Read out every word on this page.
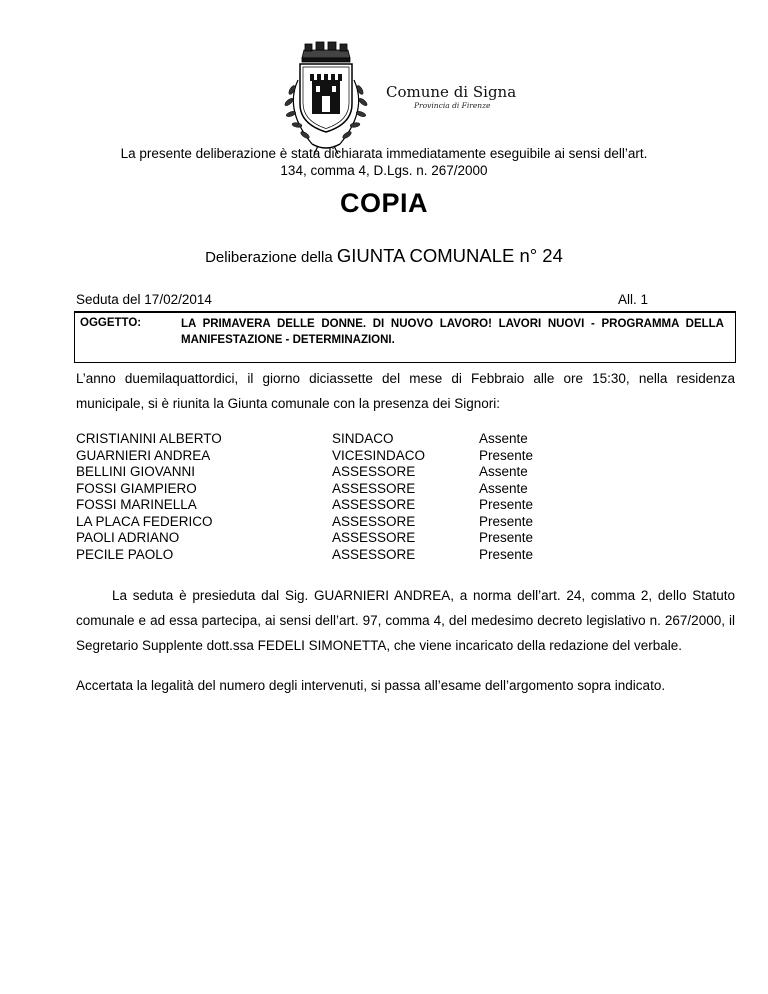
Comune di Signa
Provincia di Firenze
La presente deliberazione è stata dichiarata immediatamente eseguibile ai sensi dell’art.
134, comma 4, D.Lgs. n. 267/2000
COPIA
Deliberazione della GIUNTA COMUNALE n° 24
Seduta del 17/02/2014	All. 1
OGGETTO:	LA PRIMAVERA DELLE DONNE. DI NUOVO LAVORO! LAVORI NUOVI - PROGRAMMA DELLA MANIFESTAZIONE - DETERMINAZIONI.
L’anno duemilaquattordici, il giorno diciassette del mese di Febbraio alle ore 15:30, nella residenza municipale, si è riunita la Giunta comunale con la presenza dei Signori:
CRISTIANINI ALBERTO	SINDACO	Assente
GUARNIERI ANDREA	VICESINDACO	Presente
BELLINI GIOVANNI	ASSESSORE	Assente
FOSSI GIAMPIERO	ASSESSORE	Assente
FOSSI MARINELLA	ASSESSORE	Presente
LA PLACA FEDERICO	ASSESSORE	Presente
PAOLI ADRIANO	ASSESSORE	Presente
PECILE PAOLO	ASSESSORE	Presente
La seduta è presieduta dal Sig. GUARNIERI ANDREA, a norma dell’art. 24, comma 2, dello Statuto comunale e ad essa partecipa, ai sensi dell’art. 97, comma 4, del medesimo decreto legislativo n. 267/2000, il Segretario Supplente dott.ssa FEDELI SIMONETTA, che viene incaricato della redazione del verbale.
Accertata la legalità del numero degli intervenuti, si passa all’esame dell’argomento sopra indicato.
